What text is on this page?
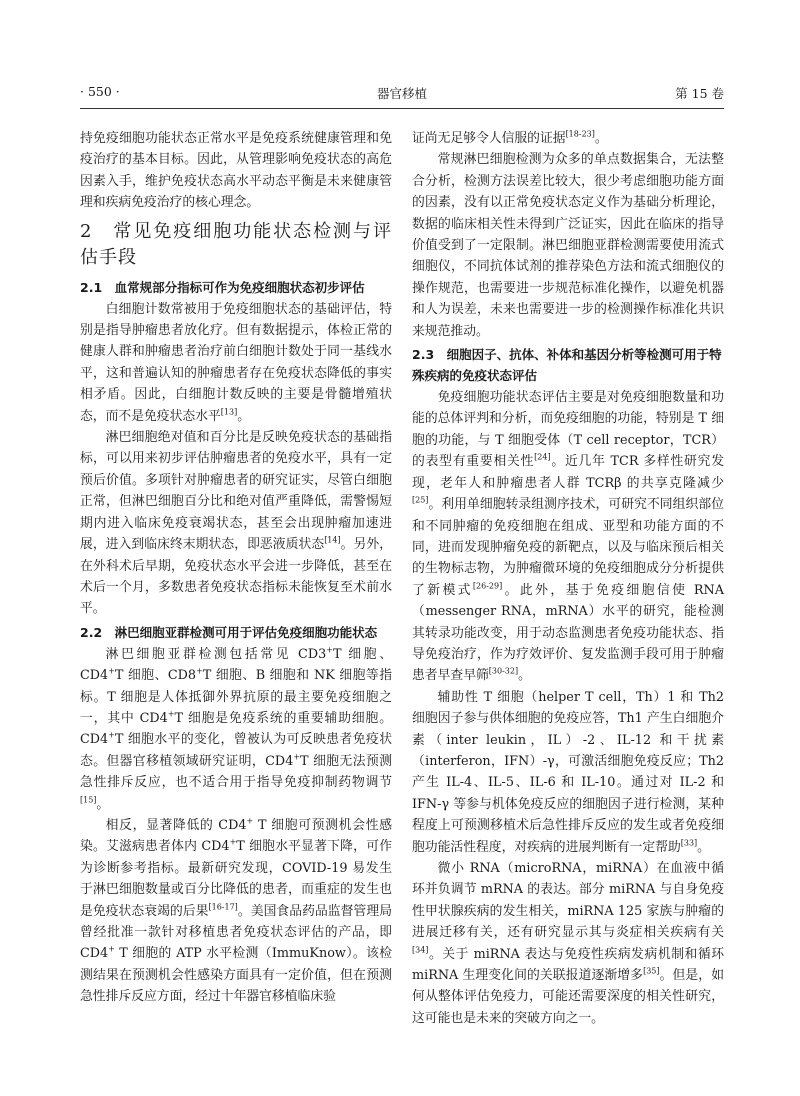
· 550 ·	器官移植	第 15 卷

持免疫细胞功能状态正常水平是免疫系统健康管理和免疫治疗的基本目标。因此，从管理影响免疫状态的高危因素入手，维护免疫状态高水平动态平衡是未来健康管理和疾病免疫治疗的核心理念。

2　常见免疫细胞功能状态检测与评估手段
2.1　血常规部分指标可作为免疫细胞状态初步评估

白细胞计数常被用于免疫细胞状态的基础评估，特别是指导肿瘤患者放化疗。但有数据提示，体检正常的健康人群和肿瘤患者治疗前白细胞计数处于同一基线水平，这和普遍认知的肿瘤患者存在免疫状态降低的事实相矛盾。因此，白细胞计数反映的主要是骨髓增殖状态，而不是免疫状态水平[13]。

淋巴细胞绝对值和百分比是反映免疫状态的基础指标，可以用来初步评估肿瘤患者的免疫水平，具有一定预后价值。多项针对肿瘤患者的研究证实，尽管白细胞正常，但淋巴细胞百分比和绝对值严重降低，需警惕短期内进入临床免疫衰竭状态，甚至会出现肿瘤加速进展，进入到临床终末期状态，即恶液质状态[14]。另外，在外科术后早期，免疫状态水平会进一步降低，甚至在术后一个月，多数患者免疫状态指标未能恢复至术前水平。

2.2　淋巴细胞亚群检测可用于评估免疫细胞功能状态

淋巴细胞亚群检测包括常见 CD3+T 细胞、CD4+T 细胞、CD8+T 细胞、B 细胞和 NK 细胞等指标。T 细胞是人体抵御外界抗原的最主要免疫细胞之一，其中 CD4+T 细胞是免疫系统的重要辅助细胞。CD4+T 细胞水平的变化，曾被认为可反映患者免疫状态。但器官移植领域研究证明，CD4+T 细胞无法预测急性排斥反应，也不适合用于指导免疫抑制药物调节[15]。

相反，显著降低的 CD4+ T 细胞可预测机会性感染。艾滋病患者体内 CD4+T 细胞水平显著下降，可作为诊断参考指标。最新研究发现，COVID-19 易发生于淋巴细胞数量或百分比降低的患者，而重症的发生也是免疫状态衰竭的后果[16-17]。美国食品药品监督管理局曾经批准一款针对移植患者免疫状态评估的产品，即 CD4+ T 细胞的 ATP 水平检测（ImmuKnow）。该检测结果在预测机会性感染方面具有一定价值，但在预测急性排斥反应方面，经过十年器官移植临床验

证尚无足够令人信服的证据[18-23]。

常规淋巴细胞检测为众多的单点数据集合，无法整合分析，检测方法误差比较大，很少考虑细胞功能方面的因素，没有以正常免疫状态定义作为基础分析理论，数据的临床相关性未得到广泛证实，因此在临床的指导价值受到了一定限制。淋巴细胞亚群检测需要使用流式细胞仪，不同抗体试剂的推荐染色方法和流式细胞仪的操作规范，也需要进一步规范标准化操作，以避免机器和人为误差，未来也需要进一步的检测操作标准化共识来规范推动。

2.3　细胞因子、抗体、补体和基因分析等检测可用于特殊疾病的免疫状态评估

免疫细胞功能状态评估主要是对免疫细胞数量和功能的总体评判和分析，而免疫细胞的功能，特别是 T 细胞的功能，与 T 细胞受体（T cell receptor，TCR）的表型有重要相关性[24]。近几年 TCR 多样性研究发现，老年人和肿瘤患者人群 TCRβ 的共享克隆减少[25]。利用单细胞转录组测序技术，可研究不同组织部位和不同肿瘤的免疫细胞在组成、亚型和功能方面的不同，进而发现肿瘤免疫的新靶点，以及与临床预后相关的生物标志物，为肿瘤微环境的免疫细胞成分分析提供了新模式[26-29]。此外，基于免疫细胞信使 RNA（messenger RNA，mRNA）水平的研究，能检测其转录功能改变，用于动态监测患者免疫功能状态、指导免疫治疗，作为疗效评价、复发监测手段可用于肿瘤患者早查早筛[30-32]。

辅助性 T 细胞（helper T cell，Th）1 和 Th2 细胞因子参与供体细胞的免疫应答，Th1 产生白细胞介素（inter leukin，IL）-2、IL-12 和干扰素（interferon，IFN）-γ，可激活细胞免疫反应；Th2 产生 IL-4、IL-5、IL-6 和 IL-10。通过对 IL-2 和 IFN-γ 等参与机体免疫反应的细胞因子进行检测，某种程度上可预测移植术后急性排斥反应的发生或者免疫细胞功能活性程度，对疾病的进展判断有一定帮助[33]。

微小 RNA（microRNA，miRNA）在血液中循环并负调节 mRNA 的表达。部分 miRNA 与自身免疫性甲状腺疾病的发生相关，miRNA 125 家族与肿瘤的进展迁移有关，还有研究显示其与炎症相关疾病有关[34]。关于 miRNA 表达与免疫性疾病发病机制和循环 miRNA 生理变化间的关联报道逐渐增多[35]。但是，如何从整体评估免疫力，可能还需要深度的相关性研究，这可能也是未来的突破方向之一。
